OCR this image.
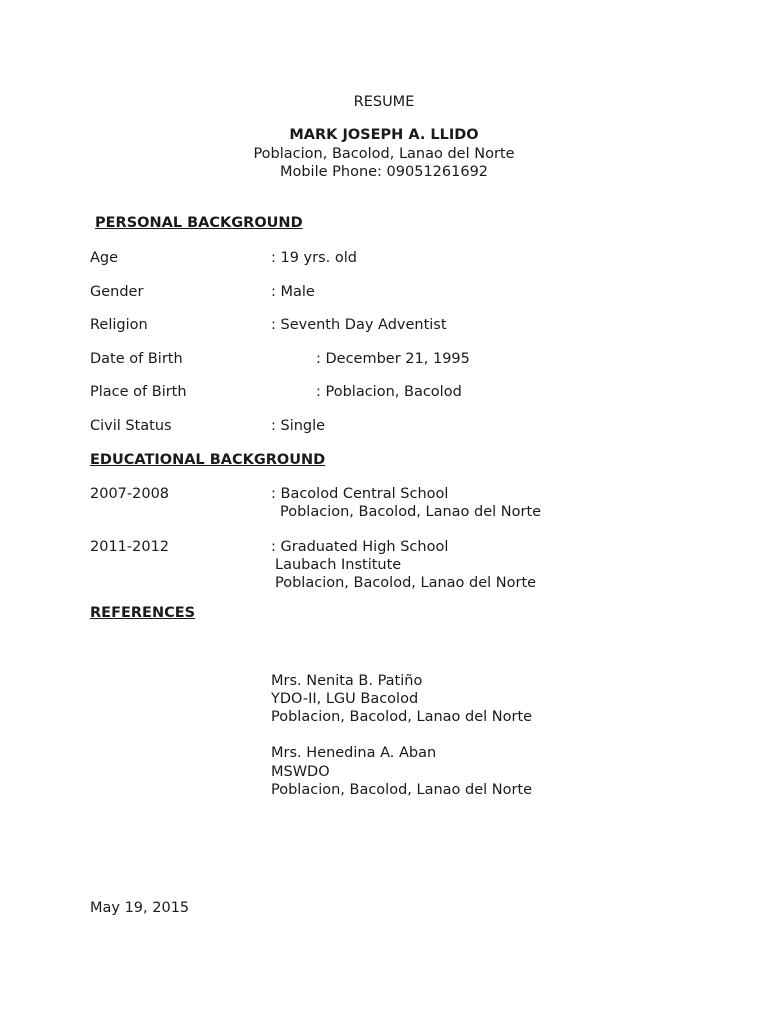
RESUME
MARK JOSEPH A. LLIDO
Poblacion, Bacolod, Lanao del Norte
Mobile Phone: 09051261692
PERSONAL BACKGROUND
Age	: 19 yrs. old
Gender	: Male
Religion	: Seventh Day Adventist
Date of Birth	: December 21, 1995
Place of Birth	: Poblacion, Bacolod
Civil Status	: Single
EDUCATIONAL BACKGROUND
2007-2008	: Bacolod Central School
Poblacion, Bacolod, Lanao del Norte
2011-2012	: Graduated High School
Laubach Institute
Poblacion, Bacolod, Lanao del Norte
REFERENCES
Mrs. Nenita B. Patiño
YDO-II, LGU Bacolod
Poblacion, Bacolod, Lanao del Norte
Mrs. Henedina A. Aban
MSWDO
Poblacion, Bacolod, Lanao del Norte
May 19, 2015
